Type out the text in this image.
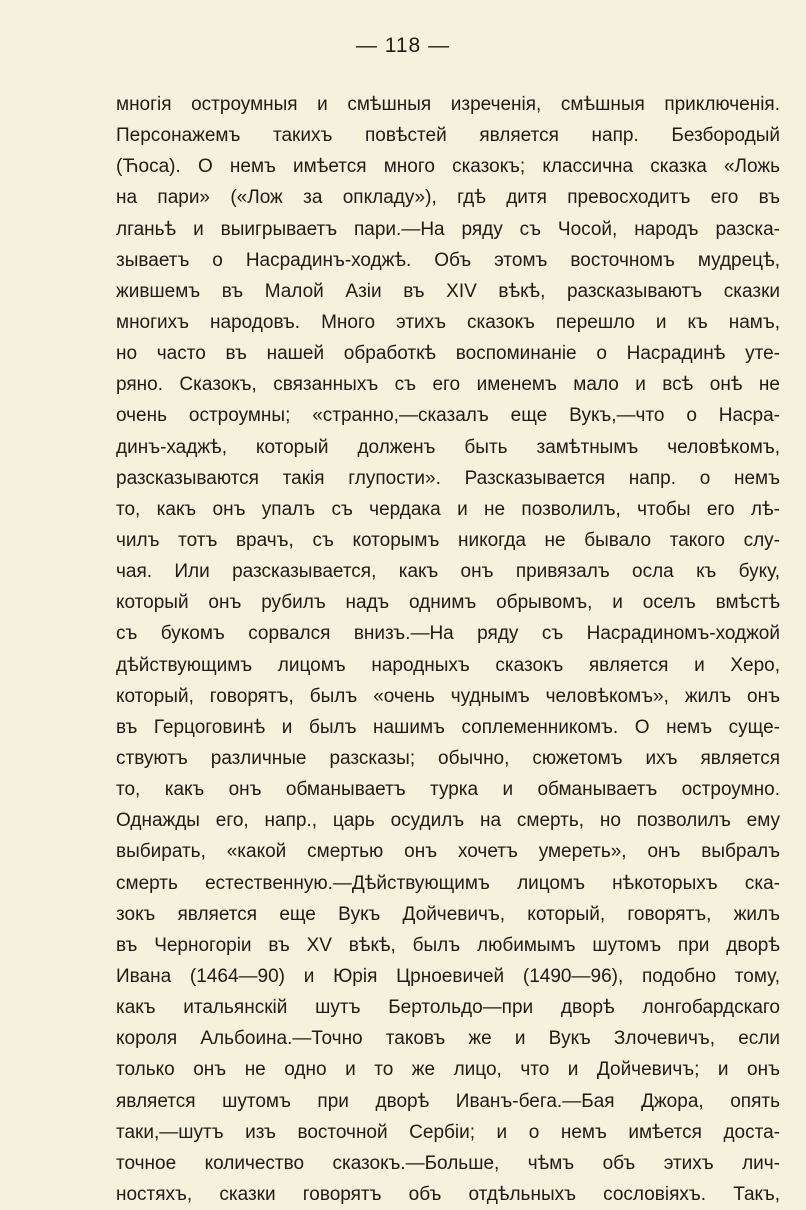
— 118 —
многія остроумныя и смѣшныя изреченія, смѣшныя приключенія.
Персонажемъ такихъ повѣстей является напр. Безбородый
(Ћоса). О немъ имѣется много сказокъ; классична сказка «Ложь
на пари» («Лож за опкладу»), гдѣ дитя превосходитъ его въ
лганьѣ и выигрываетъ пари.—На ряду съ Чосой, народъ разска-
зываетъ о Насрадинъ-ходжѣ. Объ этомъ восточномъ мудрецѣ,
жившемъ въ Малой Азіи въ XIV вѣкѣ, разсказываютъ сказки
многихъ народовъ. Много этихъ сказокъ перешло и къ намъ,
но часто въ нашей обработкѣ воспоминаніе о Насрадинѣ уте-
ряно. Сказокъ, связанныхъ съ его именемъ мало и всѣ онѣ не
очень остроумны; «странно,—сказалъ еще Вукъ,—что о Насра-
динъ-хаджѣ, который долженъ быть замѣтнымъ человѣкомъ,
разсказываются такія глупости». Разсказывается напр. о немъ
то, какъ онъ упалъ съ чердака и не позволилъ, чтобы его лѣ-
чилъ тотъ врачъ, съ которымъ никогда не бывало такого слу-
чая. Или разсказывается, какъ онъ привязалъ осла къ буку,
который онъ рубилъ надъ однимъ обрывомъ, и оселъ вмѣстѣ
съ букомъ сорвался внизъ.—На ряду съ Насрадиномъ-ходжой
дѣйствующимъ лицомъ народныхъ сказокъ является и Херо,
который, говорятъ, былъ «очень чуднымъ человѣкомъ», жилъ онъ
въ Герцоговинѣ и былъ нашимъ соплеменникомъ. О немъ суще-
ствуютъ различные разсказы; обычно, сюжетомъ ихъ является
то, какъ онъ обманываетъ турка и обманываетъ остроумно.
Однажды его, напр., царь осудилъ на смерть, но позволилъ ему
выбирать, «какой смертью онъ хочетъ умереть», онъ выбралъ
смерть естественную.—Дѣйствующимъ лицомъ нѣкоторыхъ ска-
зокъ является еще Вукъ Дойчевичъ, который, говорятъ, жилъ
въ Черногоріи въ XV вѣкѣ, былъ любимымъ шутомъ при дворѣ
Ивана (1464—90) и Юрія Црноевичей (1490—96), подобно тому,
какъ итальянскій шутъ Бертольдо—при дворѣ лонгобардскаго
короля Альбоина.—Точно таковъ же и Вукъ Злочевичъ, если
только онъ не одно и то же лицо, что и Дойчевичъ; и онъ
является шутомъ при дворѣ Иванъ-бега.—Бая Джора, опять
таки,—шутъ изъ восточной Сербіи; и о немъ имѣется доста-
точное количество сказокъ.—Больше, чѣмъ объ этихъ лич-
ностяхъ, сказки говорятъ объ отдѣльныхъ сословіяхъ. Такъ,
